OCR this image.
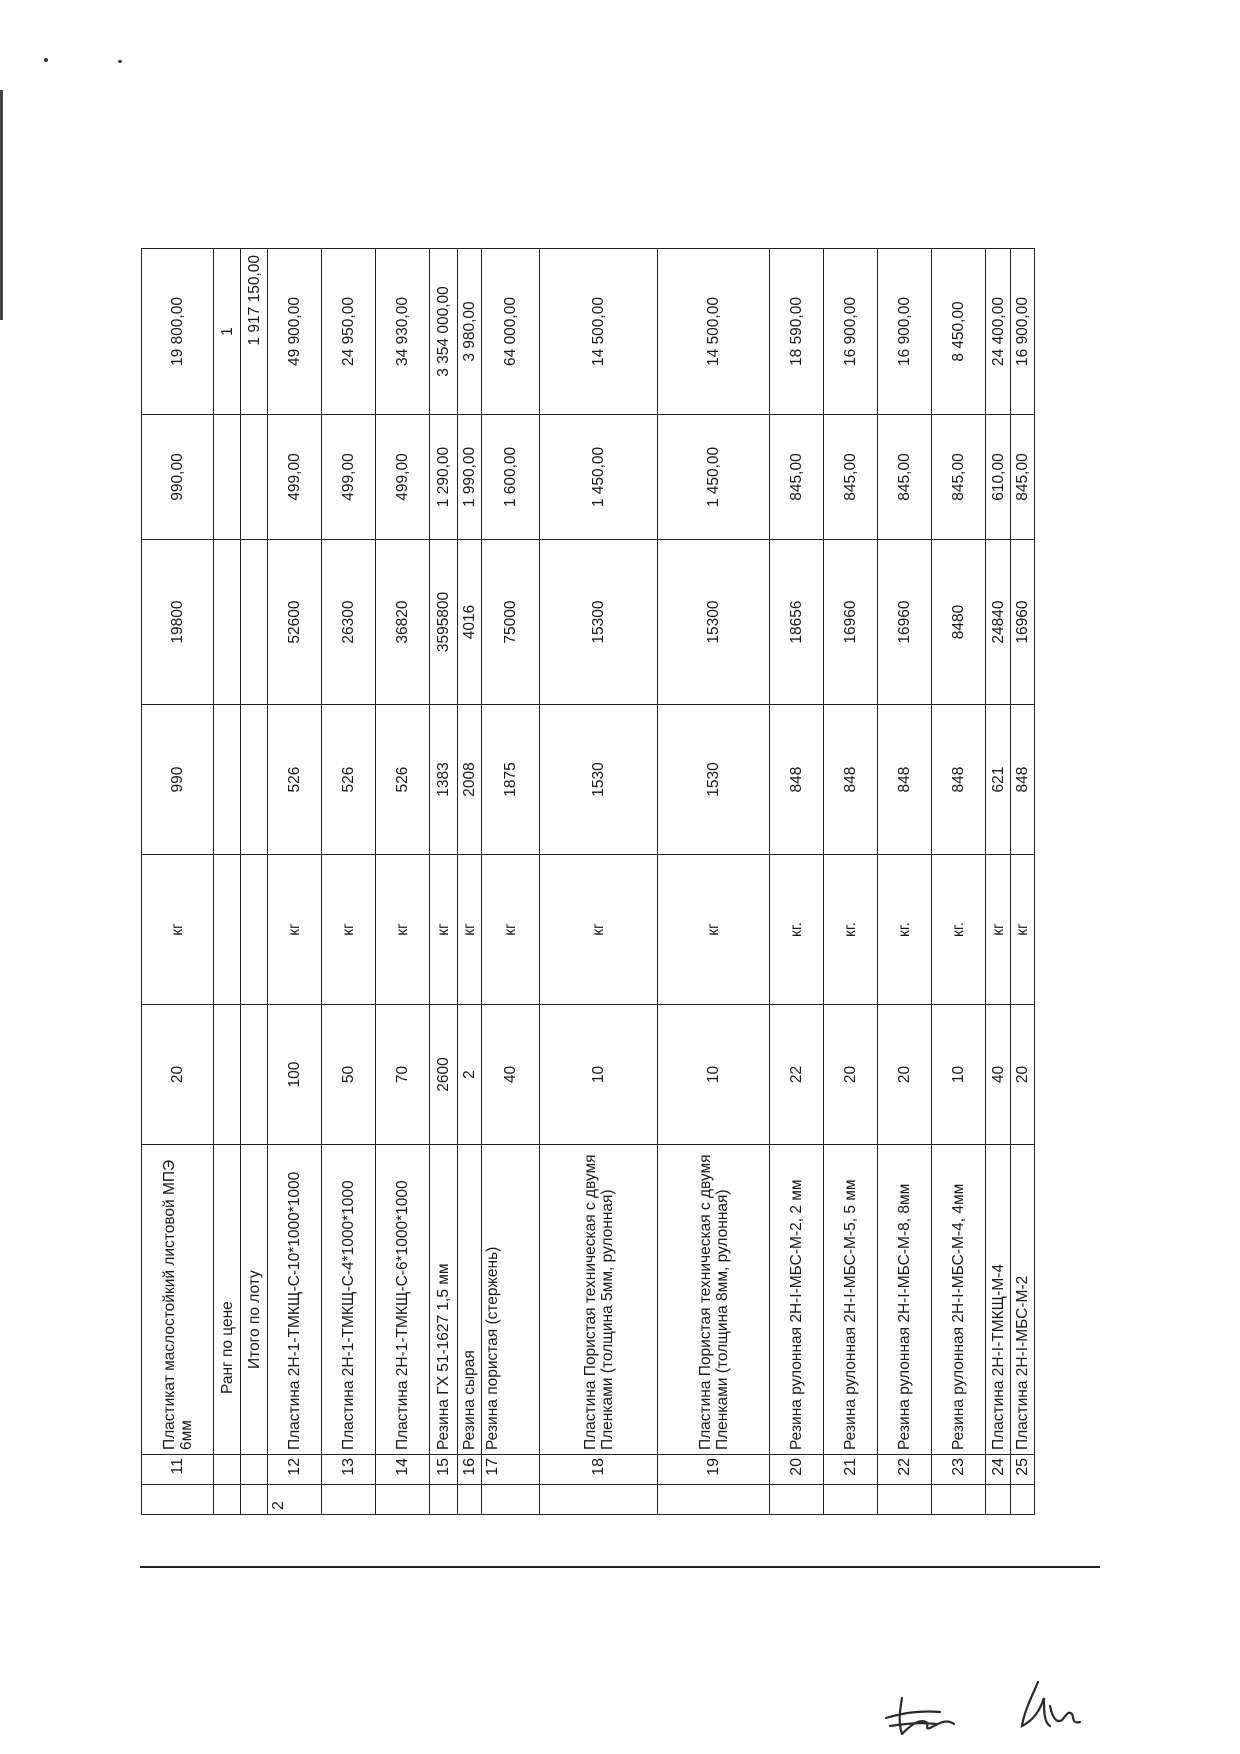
	11	Пластикат маслостойкий листовой МПЭ 6мм	20	кг	990	19800	990,00	19 800,00
		Ранг по цене						1
		Итого по лоту						1 917 150,00
2	12	Пластина 2Н-1-ТМКЩ-С-10*1000*1000	100	кг	526	52600	499,00	49 900,00
	13	Пластина 2Н-1-ТМКЩ-С-4*1000*1000	50	кг	526	26300	499,00	24 950,00
	14	Пластина 2Н-1-ТМКЩ-С-6*1000*1000	70	кг	526	36820	499,00	34 930,00
	15	Резина ГХ 51-1627 1,5 мм	2600	кг	1383	3595800	1 290,00	3 354 000,00
	16	Резина сырая	2	кг	2008	4016	1 990,00	3 980,00
	17	Резина пористая (стержень)	40	кг	1875	75000	1 600,00	64 000,00
	18	Пластина Пористая техническая с двумя Пленками (толщина 5мм, рулонная)	10	кг	1530	15300	1 450,00	14 500,00
	19	Пластина Пористая техническая с двумя Пленками (толщина 8мм, рулонная)	10	кг	1530	15300	1 450,00	14 500,00
	20	Резина рулонная 2Н-I-МБС-М-2, 2 мм	22	кг.	848	18656	845,00	18 590,00
	21	Резина рулонная 2Н-I-МБС-М-5, 5 мм	20	кг.	848	16960	845,00	16 900,00
	22	Резина рулонная 2Н-I-МБС-М-8, 8мм	20	кг.	848	16960	845,00	16 900,00
	23	Резина рулонная 2Н-I-МБС-М-4, 4мм	10	кг.	848	8480	845,00	8 450,00
	24	Пластина 2Н-I-ТМКЩ-М-4	40	кг	621	24840	610,00	24 400,00
	25	Пластина 2Н-I-МБС-М-2	20	кг	848	16960	845,00	16 900,00
